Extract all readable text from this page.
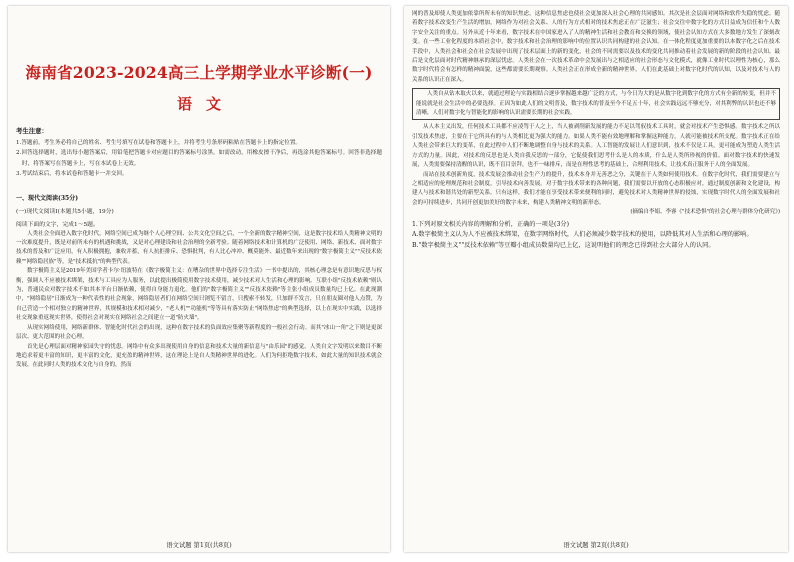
海南省2023-2024高三上学期学业水平诊断(一)
语文
考生注意：
1.答题前，考生务必将自己的姓名、考生号填写在试卷和答题卡上，并将考生号条形码粘贴在答题卡上的指定位置。
2.回答选择题时，选出每小题答案后，用铅笔把答题卡对应题目的答案标号涂黑。如需改动，用橡皮擦干净后，再选涂其他答案标号。回答非选择题时，将答案写在答题卡上，写在本试卷上无效。
3.考试结束后，将本试卷和答题卡一并交回。
一、现代文阅读(35分)
(一)现代文阅读Ⅰ(本题共5小题，19分)
阅读下面的文字，完成1～5题。

人类社会全面进入数字化时代，网络空间已成为继个人心理空间、公共文化空间之后，一个全新的数字精神空间，这是数字技术给人类精神文明的一次难度提升，既是对前所未有的机遇和挑战，又是对心理建设和社会治理的全新考验。随着网络技术和计算机的广泛使用、网络、新技术、面对数字技术的普及和广泛应用，有人积极拥抱，兼收并蓄，有人抗拒排斥、恐惧批判，有人比心冲冲、概莫能外、最近数年来出现的"数字极简主义""反技术依赖""网络隐居族"等，是"技术抵抗"的典型代表。

数字极简主义是2019年美国学者卡尔·纽波特在《数字极简主义：在嘈杂的世界中选择专注生活》一书中提出的，其核心理念是有意识地反思与权衡，强调人不应被技术绑架，技术与工具应为人服务，以此提出极简使用数字技术使用，减少技术对人生活和心理的影响。互联小组"反技术依赖"则认为，普通民众对数字技术不如其本平台日渐依赖，使得自身能力退化。他们的"数字极简主义""反技术依赖"等主张小组成员数量均已上亿。在此现潮中，"网络隐居"日渐成为一种代表性的社会现象，网络隐居者们在网络空间只浏览不留言，只搜索不转发，只加群不发言，只在朋友圈对他人点赞，为自己营造一个相对独立的精神世界，其规模和技术相对减少，"老人机""功能机"等等具有落实防止"网络焦虑"的典型选择，以上在现实中实践，以选择社交现象重返现实世界，使得社会对现实在网络社会之间建立一道"防火墙"。

从现实网络使用，网络新群体、智能化时代社会的出现，这种在数字技术的负面效应集聚等新程度的一般社会行动。而其"冰山一角"之下则是更深层次、更大范围的社会心理。

首先是心理层面对精神家园失守的忧患。网络中有众多出现使用自身的信息和技术大量的新信息与"由乐园"的感觉。人类自文字发明以来数目不断地追求着更丰富的知识，更丰富的文化，更充盈的精神世界，这在理论上是自人类精神世界的进化。人们为何拒绝数字技术，如此大量的知识技术就会发展，在此同时人类的技术文化与自身的，然而

语文试题 第1页(共8页)

网的普及却使人类更加依靠所所未有的知识焦虑，这种信息焦虑也使社会更加深入社会心理的共同感知。其次是社会层面对网络和软件失稳的忧虑。随着数字技术改变生产生活的增加，网络作为对社会关系、人的行为方式相对的技术焦虑正在广泛滋生；社会交往中数字化的方式日益成为信任和个人数字安全关注的重点。另外从近十年来看，数字技术在中国家进入了人的精神生活和社会教育和交换的领域，使社会认知方式在大多数地方发生了深刻改变。在一些工业化程度的本质社会中，数字技术和社会治理的影响中的位置认识共同构建的社会认知。在一体化程度更加重要的以本数字化之后在技术手段中，人类社会和社会在社会发展中出现了技术层面上的新的变化，社会的不同需要以及技术的变化共同推动着社会发展的新的阶段的社会认知。最后是文化层面对时代精神继承的深层忧虑。人类社会在一次技术革命中会发展出与之相适应的社会形态与文化模式，就像工业时代以理性为核心，那么数字时代将会有怎样的精神面貌，这些都需要长期观察。人类社会正在形成全新的精神世界，人们在此基础上对数字化时代的认知，以及对技术与人的关系的认识正在深入。

人类自从钻木取火以来，就通过理论与实践相结合逐步掌握越来越广泛的方式，与今日为大的是从数字化到数字化的方式有全新的转变，但并不能说就是社会生活中的必要选择。正因为如此人们的文明普及，数字技术的普及至今不足五十年，社会实践远远不够充分，对其利弊的认识也还不够清晰，人们对数字化与智能化的影响的认识需要长期的社会实践。

从人本主义出发，任何技术工具都不应凌驾于人之上，当人被剥削新发展的能力不足以驾驭技术工具时，就会对技术产生恐惧感。数字技术之所以引发技术焦虑，主要在于它所具有的与人类相比更为强大的能力。如果人类不能有效地理解和掌握这种能力，人就可能被技术所支配。数字技术正在给人类社会带来巨大的变革，在此过程中人们不断地调整自身与技术的关系。人工智能的发展让人们意识到，技术不仅是工具，更可能成为塑造人类生活方式的力量。因此，对技术的反思也是人类自我反思的一部分，它促使我们思考什么是人的本质，什么是人类所珍视的价值。面对数字技术的快速发展，人类需要保持清醒的认识，既不盲目崇拜，也不一味排斥，而是在理性思考的基础上，合理利用技术，让技术真正服务于人的全面发展。

而站在技术创新角度，技术发展会推动社会生产力的提升，技术本身并无善恶之分，关键在于人类如何使用技术。在数字化时代，我们需要建立与之相适应的伦理规范和社会制度，引导技术向善发展。对于数字技术带来的各种问题，我们需要以开放的心态积极应对，通过制度创新和文化建设，构建人与技术和谐共处的新型关系。只有这样，我们才能在享受技术带来便利的同时，避免技术对人类精神世界的侵蚀，实现数字时代人的全面发展和社会的可持续进步，共同开创更加美好的数字未来，构建人类精神文明的新形态。

(摘编自李娟、李睿《"技术恐惧"的社会心理与群体分化研究》)
1.下列对原文相关内容的理解和分析，正确的一项是(3分)
A.数字极简主义认为人不应被技术绑架，在数字网络时代，人们必须减少数字技术的使用，以降低其对人生活和心理的影响。
B."数字极简主义""反技术依赖"等豆瓣小组成员数量均已上亿，这说明他们的理念已得到社会大部分人的认同。
语文试题 第2页(共8页)
